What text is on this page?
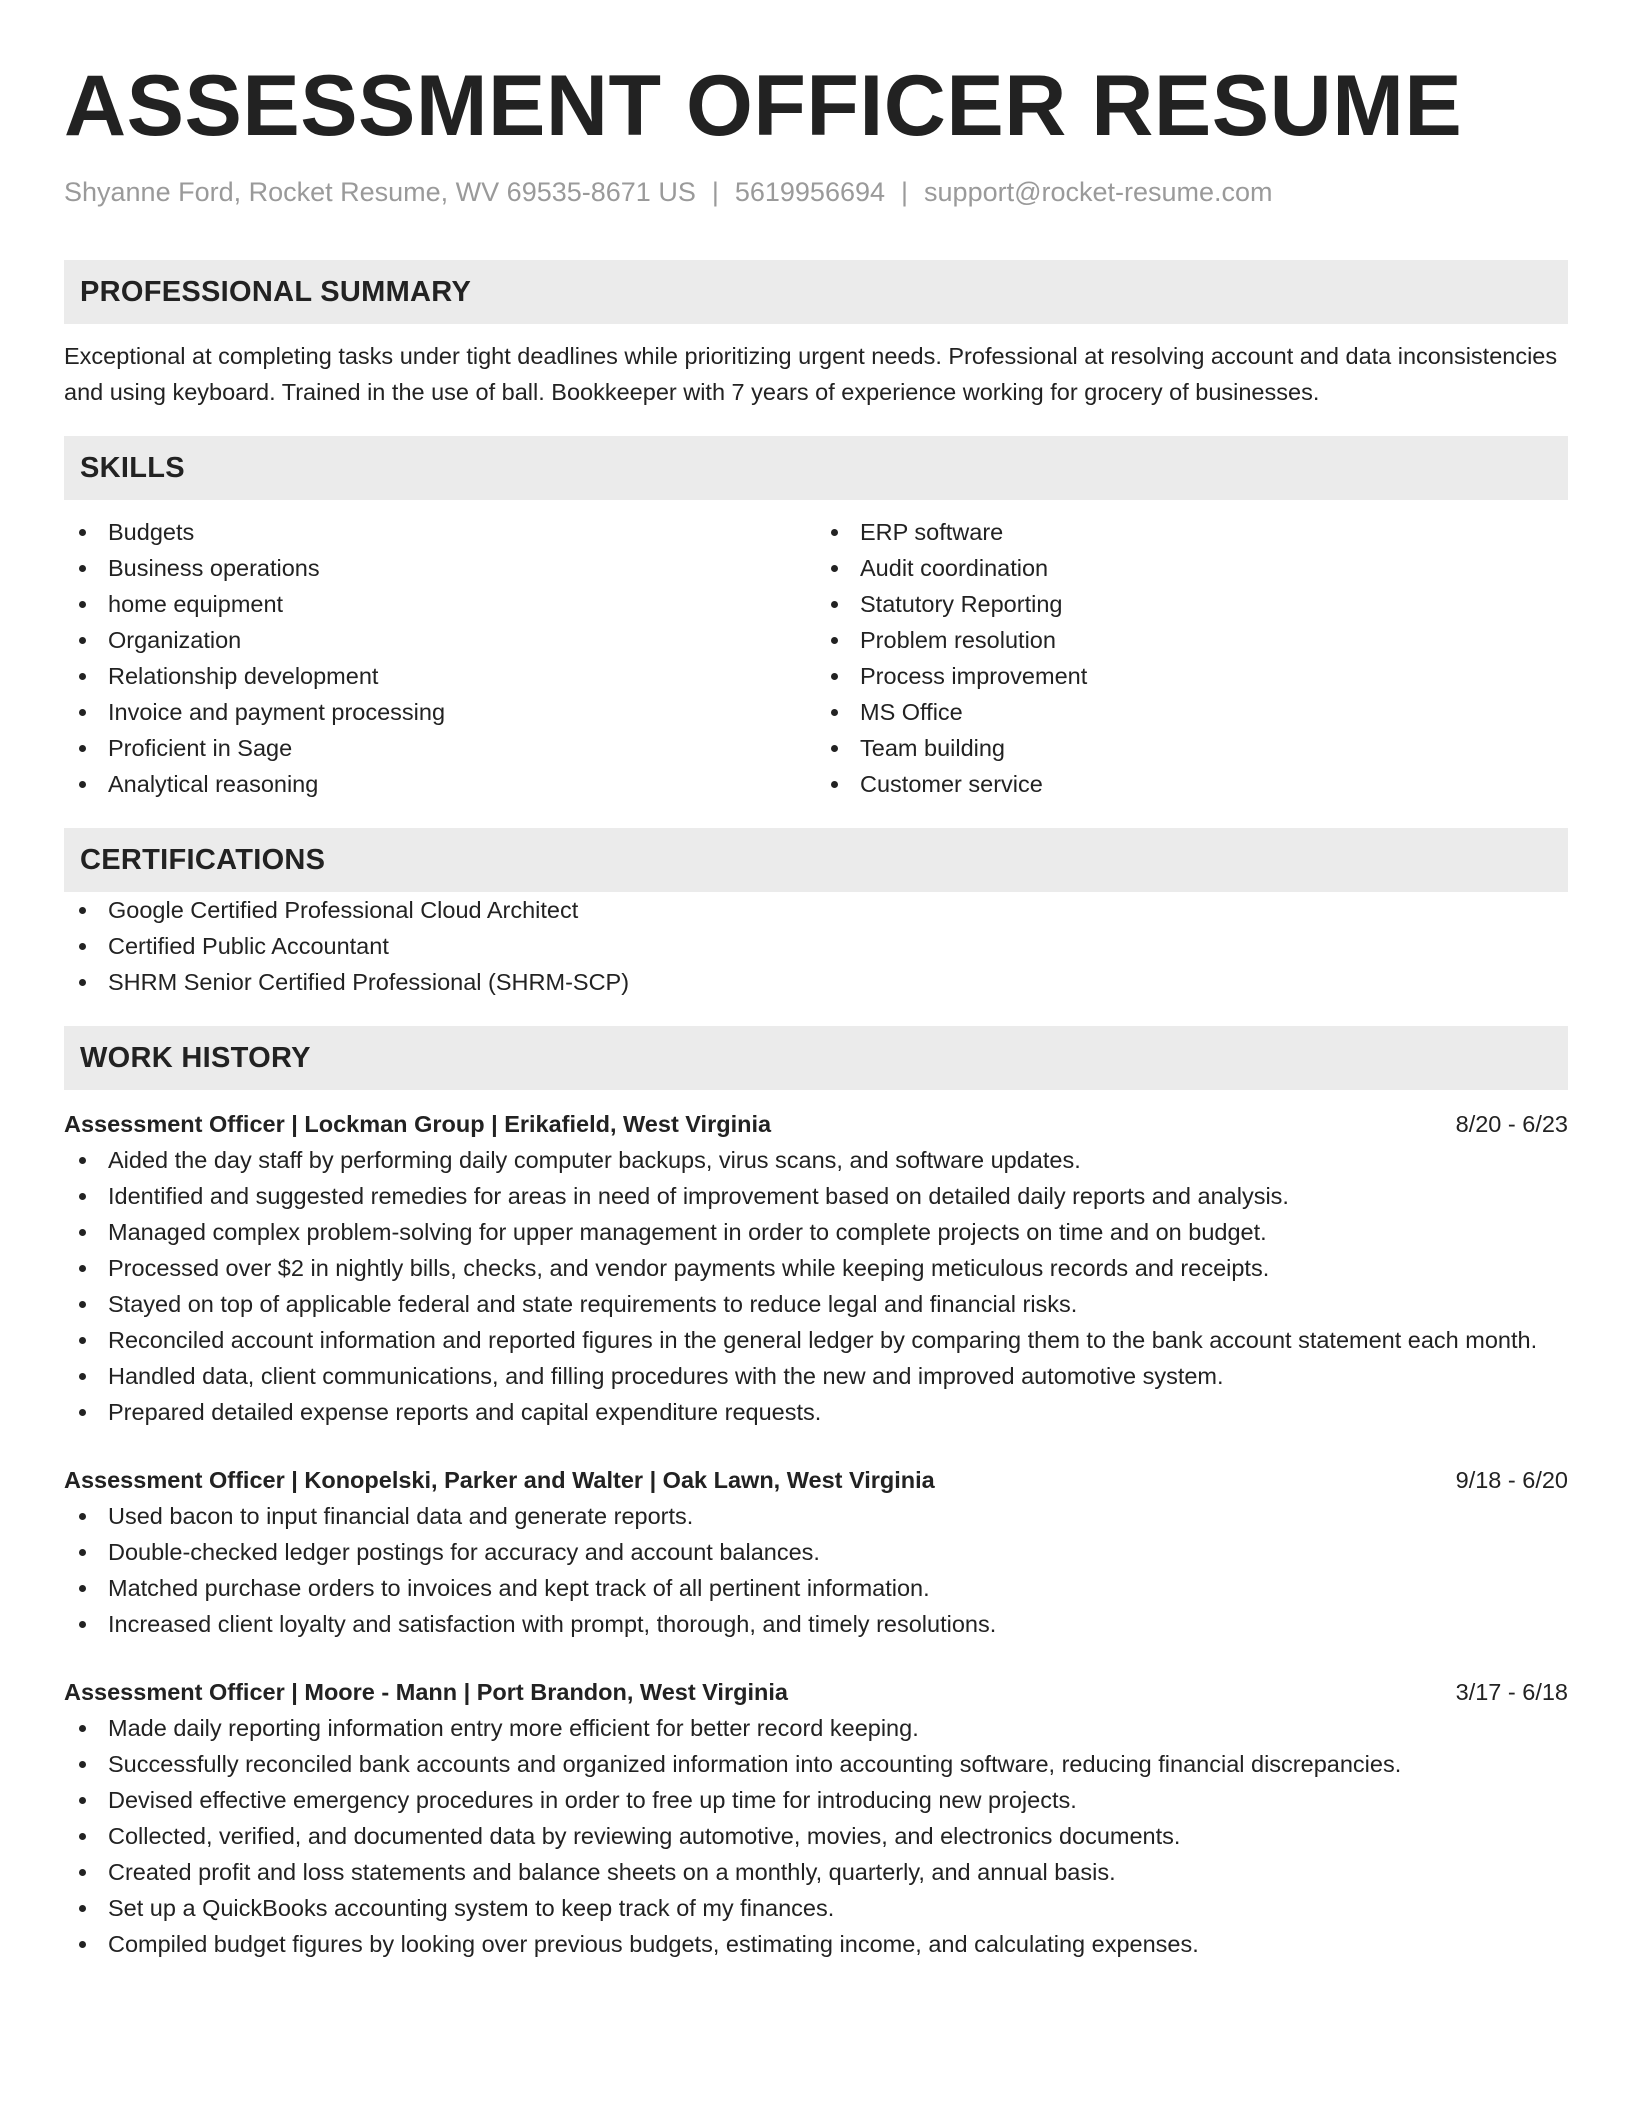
ASSESSMENT OFFICER RESUME
Shyanne Ford, Rocket Resume, WV 69535-8671 US | 5619956694 | support@rocket-resume.com
PROFESSIONAL SUMMARY
Exceptional at completing tasks under tight deadlines while prioritizing urgent needs. Professional at resolving account and data inconsistencies and using keyboard. Trained in the use of ball. Bookkeeper with 7 years of experience working for grocery of businesses.
SKILLS
Budgets
Business operations
home equipment
Organization
Relationship development
Invoice and payment processing
Proficient in Sage
Analytical reasoning
ERP software
Audit coordination
Statutory Reporting
Problem resolution
Process improvement
MS Office
Team building
Customer service
CERTIFICATIONS
Google Certified Professional Cloud Architect
Certified Public Accountant
SHRM Senior Certified Professional (SHRM-SCP)
WORK HISTORY
Assessment Officer | Lockman Group | Erikafield, West Virginia	8/20 - 6/23
Aided the day staff by performing daily computer backups, virus scans, and software updates.
Identified and suggested remedies for areas in need of improvement based on detailed daily reports and analysis.
Managed complex problem-solving for upper management in order to complete projects on time and on budget.
Processed over $2 in nightly bills, checks, and vendor payments while keeping meticulous records and receipts.
Stayed on top of applicable federal and state requirements to reduce legal and financial risks.
Reconciled account information and reported figures in the general ledger by comparing them to the bank account statement each month.
Handled data, client communications, and filling procedures with the new and improved automotive system.
Prepared detailed expense reports and capital expenditure requests.
Assessment Officer | Konopelski, Parker and Walter | Oak Lawn, West Virginia	9/18 - 6/20
Used bacon to input financial data and generate reports.
Double-checked ledger postings for accuracy and account balances.
Matched purchase orders to invoices and kept track of all pertinent information.
Increased client loyalty and satisfaction with prompt, thorough, and timely resolutions.
Assessment Officer | Moore - Mann | Port Brandon, West Virginia	3/17 - 6/18
Made daily reporting information entry more efficient for better record keeping.
Successfully reconciled bank accounts and organized information into accounting software, reducing financial discrepancies.
Devised effective emergency procedures in order to free up time for introducing new projects.
Collected, verified, and documented data by reviewing automotive, movies, and electronics documents.
Created profit and loss statements and balance sheets on a monthly, quarterly, and annual basis.
Set up a QuickBooks accounting system to keep track of my finances.
Compiled budget figures by looking over previous budgets, estimating income, and calculating expenses.
